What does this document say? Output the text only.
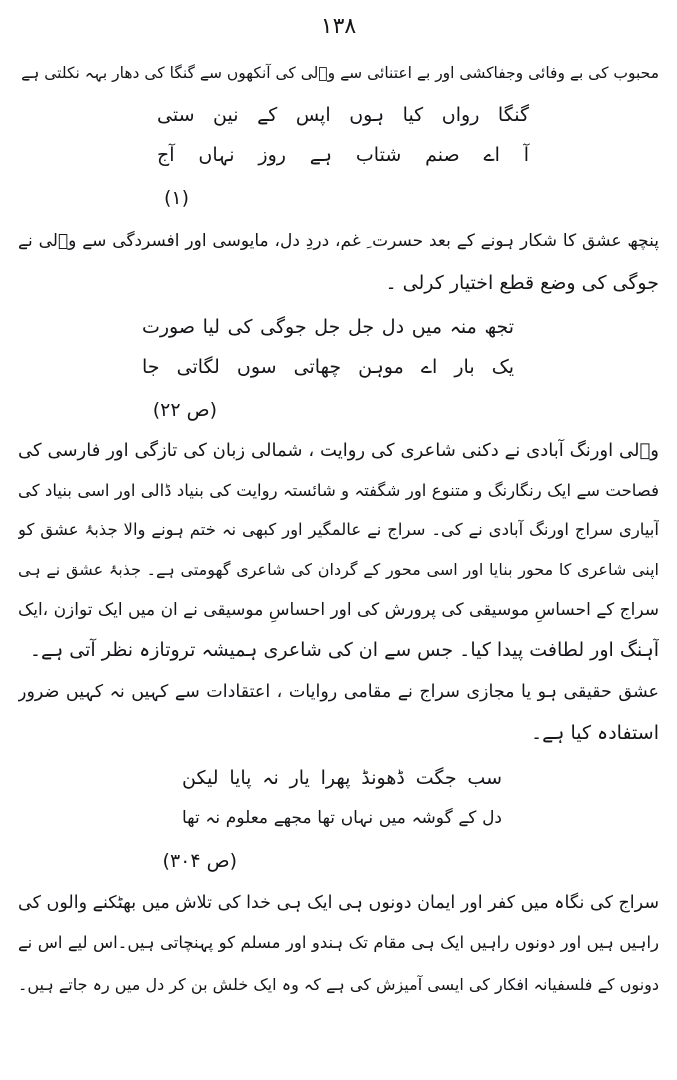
۱۳۸
محبوب کی بے وفائی وجفاکشی اور بے اعتنائی سے وؔلی کی آنکھوں سے گنگا کی دھار بہہ نکلتی ہے
گنگا رواں کیا ہوں اپس کے نین ستی
آ اے صنم شتاب ہے روز نہاں آج
(۱)
پنچھ عشق کا شکار ہونے کے بعد حسرت ِ غم، دردِ دل، مایوسی اور افسردگی سے وؔلی نے
جوگی کی وضع قطع اختیار کرلی ۔
تجھ منہ میں دل جل جل جوگی کی لیا صورت
یک بار اے موہن چھاتی سوں لگاتی جا
(ص ۲۲)
وؔلی اورنگ آبادی نے دکنی شاعری کی روایت ، شمالی زبان کی تازگی اور فارسی کی
فصاحت سے ایک رنگارنگ و متنوع اور شگفتہ و شائستہ روایت کی بنیاد ڈالی اور اسی بنیاد کی
آبیاری سراج اورنگ آبادی نے کی۔ سراج نے عالمگیر اور کبھی نہ ختم ہونے والا جذبۂ عشق کو
اپنی شاعری کا محور بنایا اور اسی محور کے گردان کی شاعری گھومتی ہے۔ جذبۂ عشق نے ہی
سراج کے احساسِ موسیقی کی پرورش کی اور احساسِ موسیقی نے ان میں ایک توازن ،ایک
آہنگ اور لطافت پیدا کیا۔ جس سے ان کی شاعری ہمیشہ تروتازہ نظر آتی ہے۔
عشق حقیقی ہو یا مجازی سراج نے مقامی روایات ، اعتقادات سے کہیں نہ کہیں ضرور
استفادہ کیا ہے۔
سب جگت ڈھونڈ پھرا یار نہ پایا لیکن
دل کے گوشہ میں نہاں تھا مجھے معلوم نہ تھا
(ص ۳۰۴)
سراج کی نگاہ میں کفر اور ایمان دونوں ہی ایک ہی خدا کی تلاش میں بھٹکنے والوں کی
راہیں ہیں اور دونوں راہیں ایک ہی مقام تک ہندو اور مسلم کو پہنچاتی ہیں۔اس لیے اس نے
دونوں کے فلسفیانہ افکار کی ایسی آمیزش کی ہے کہ وہ ایک خلش بن کر دل میں رہ جاتے ہیں۔
